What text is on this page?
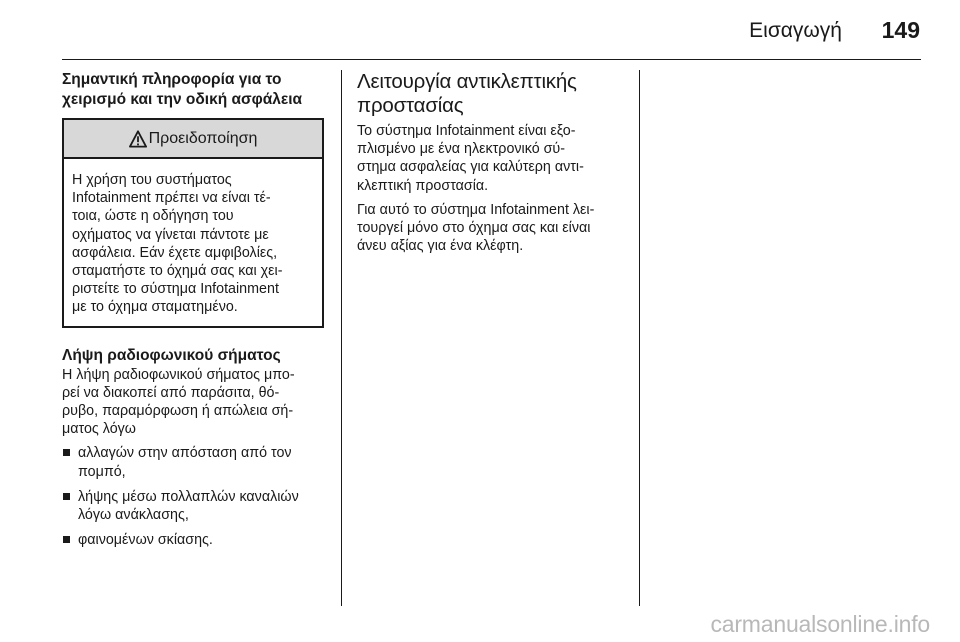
Εισαγωγή 149

Σημαντική πληροφορία για το
χειρισμό και την οδική ασφάλεια

Προειδοποίηση
Η χρήση του συστήματος
Infotainment πρέπει να είναι τέ-
τοια, ώστε η οδήγηση του
οχήματος να γίνεται πάντοτε με
ασφάλεια. Εάν έχετε αμφιβολίες,
σταματήστε το όχημά σας και χει-
ριστείτε το σύστημα Infotainment
με το όχημα σταματημένο.

Λήψη ραδιοφωνικού σήματος

Η λήψη ραδιοφωνικού σήματος μπο-
ρεί να διακοπεί από παράσιτα, θό-
ρυβο, παραμόρφωση ή απώλεια σή-
ματος λόγω

αλλαγών στην απόσταση από τον
πομπό,
λήψης μέσω πολλαπλών καναλιών
λόγω ανάκλασης,
φαινομένων σκίασης.
Λειτουργία αντικλεπτικής
προστασίας

Το σύστημα Infotainment είναι εξο-
πλισμένο με ένα ηλεκτρονικό σύ-
στημα ασφαλείας για καλύτερη αντι-
κλεπτική προστασία.

Για αυτό το σύστημα Infotainment λει-
τουργεί μόνο στο όχημα σας και είναι
άνευ αξίας για ένα κλέφτη.

carmanualsonline.info
